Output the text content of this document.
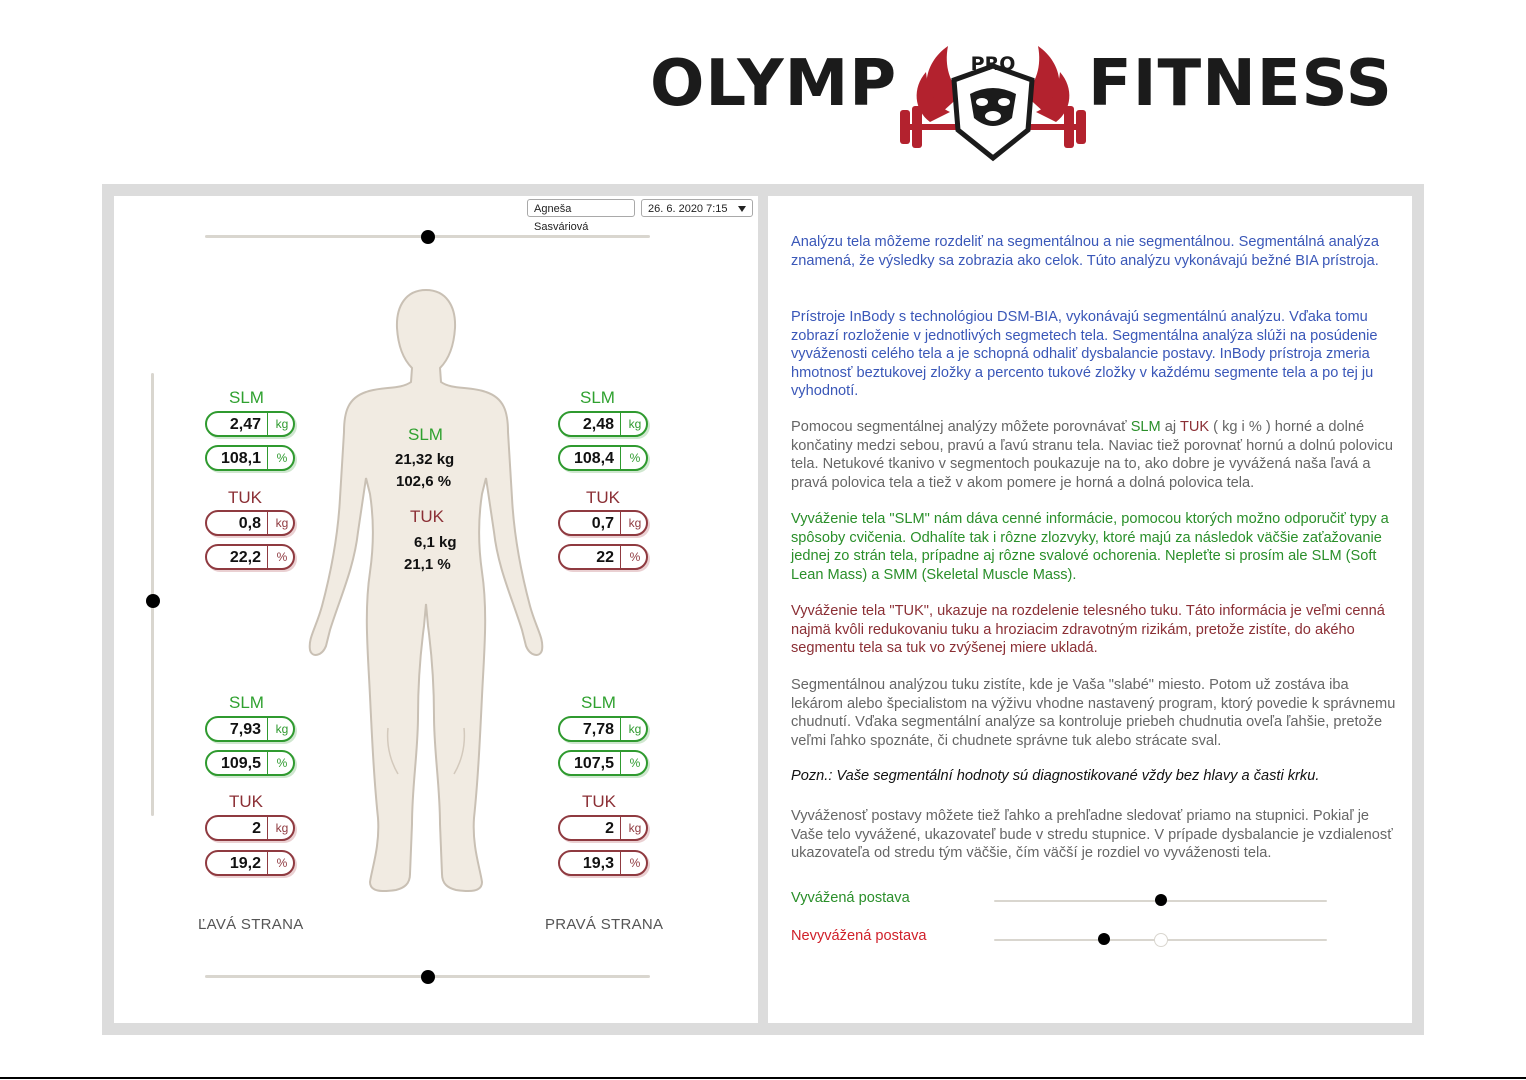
OLYMP	PRO FITNESS
Agneša Sasváriová
26. 6. 2020 7:15
SLM
21,32 kg
102,6 %
TUK
6,1 kg
21,1 %
SLM
2,47	kg
108,1	%
TUK
0,8	kg
22,2	%
SLM
2,48	kg
108,4	%
TUK
0,7	kg
22	%
SLM
7,93	kg
109,5	%
TUK
2	kg
19,2	%
SLM
7,78	kg
107,5	%
TUK
2	kg
19,3	%
ĽAVÁ STRANA	PRAVÁ STRANA
Analýzu tela môžeme rozdeliť na segmentálnou a nie segmentálnou. Segmentálná analýza znamená, že výsledky sa zobrazia ako celok. Túto analýzu vykonávajú bežné BIA prístroja.
Prístroje InBody s technológiou DSM-BIA, vykonávajú segmentálnú analýzu. Vďaka tomu zobrazí rozloženie v jednotlivých segmetech tela. Segmentálna analýza slúži na posúdenie vyváženosti celého tela a je schopná odhaliť dysbalancie postavy. InBody prístroja zmeria hmotnosť beztukovej zložky a percento tukové zložky v každému segmente tela a po tej ju vyhodnotí.
Pomocou segmentálnej analýzy môžete porovnávať SLM aj TUK ( kg i % ) horné a dolné končatiny medzi sebou, pravú a ľavú stranu tela. Naviac tiež porovnať hornú a dolnú polovicu tela. Netukové tkanivo v segmentoch poukazuje na to, ako dobre je vyvážená naša ľavá a pravá polovica tela a tiež v akom pomere je horná a dolná polovica tela.
Vyváženie tela "SLM" nám dáva cenné informácie, pomocou ktorých možno odporučiť typy a spôsoby cvičenia. Odhalíte tak i rôzne zlozvyky, ktoré majú za následok väčšie zaťažovanie jednej zo strán tela, prípadne aj rôzne svalové ochorenia. Nepleťte si prosím ale SLM (Soft Lean Mass) a SMM (Skeletal Muscle Mass).
Vyváženie tela "TUK", ukazuje na rozdelenie telesného tuku. Táto informácia je veľmi cenná najmä kvôli redukovaniu tuku a hroziacim zdravotným rizikám, pretože zistíte, do akého segmentu tela sa tuk vo zvýšenej miere ukladá.
Segmentálnou analýzou tuku zistíte, kde je Vaša "slabé" miesto. Potom už zostáva iba lekárom alebo špecialistom na výživu vhodne nastavený program, ktorý povedie k správnemu chudnutí. Vďaka segmentální analýze sa kontroluje priebeh chudnutia oveľa ľahšie, pretože veľmi ľahko spoznáte, či chudnete správne tuk alebo strácate sval.
Pozn.: Vaše segmentální hodnoty sú diagnostikované vždy bez hlavy a časti krku.
Vyváženosť postavy môžete tiež ľahko a prehľadne sledovať priamo na stupnici. Pokiaľ je Vaše telo vyvážené, ukazovateľ bude v stredu stupnice. V prípade dysbalancie je vzdialenosť ukazovateľa od stredu tým väčšie, čím väčší je rozdiel vo vyváženosti tela.
Vyvážená postava
Nevyvážená postava
